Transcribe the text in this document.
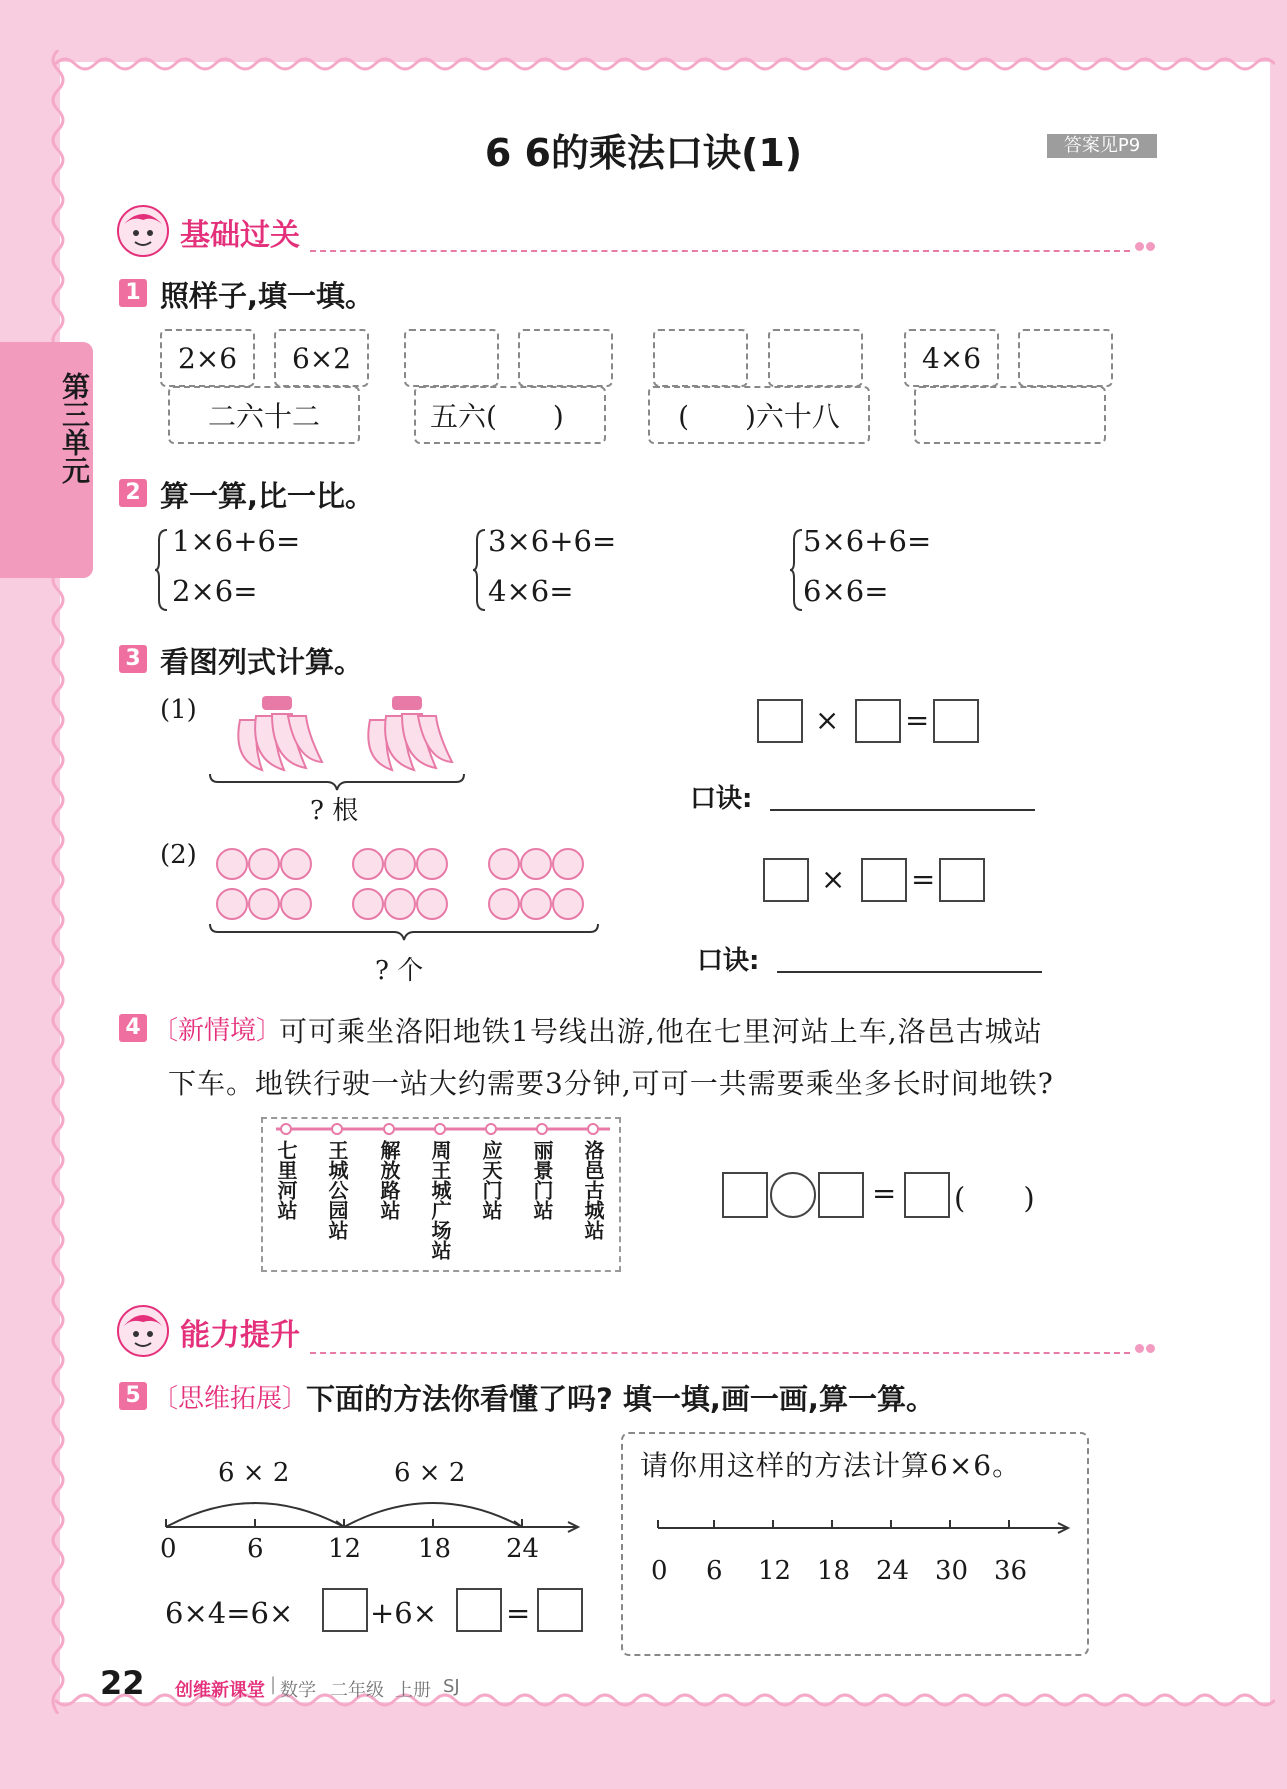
第三单元
6 6的乘法口诀(1)	答案见P9
基础过关
1 照样子,填一填。
2×6	6×2	4×6
二六十二	五六(　　)	(　　)六十八
2 算一算,比一比。
1×6+6=
2×6=
3×6+6=
4×6=
5×6+6=
6×6=
3 看图列式计算。
(1)
? 根
× =
口诀:
(2)
? 个
× =
口诀:
4 〔新情境〕
可可乘坐洛阳地铁1号线出游,他在七里河站上车,洛邑古城站
下车。地铁行驶一站大约需要3分钟,可可一共需要乘坐多长时间地铁?
七里河站 王城公园站 解放路站 周王城广场站 应天门站 丽景门站 洛邑古城站	= (　　)
能力提升
5 〔思维拓展〕
下面的方法你看懂了吗? 填一填,画一画,算一算。
6 × 2	6 × 2
0	6 12 18 24
6×4=6×	+6× =
请你用这样的方法计算6×6。
0 6 12 18 24 30 36
22 创维新课堂 | 数学 二年级 上册 SJ
